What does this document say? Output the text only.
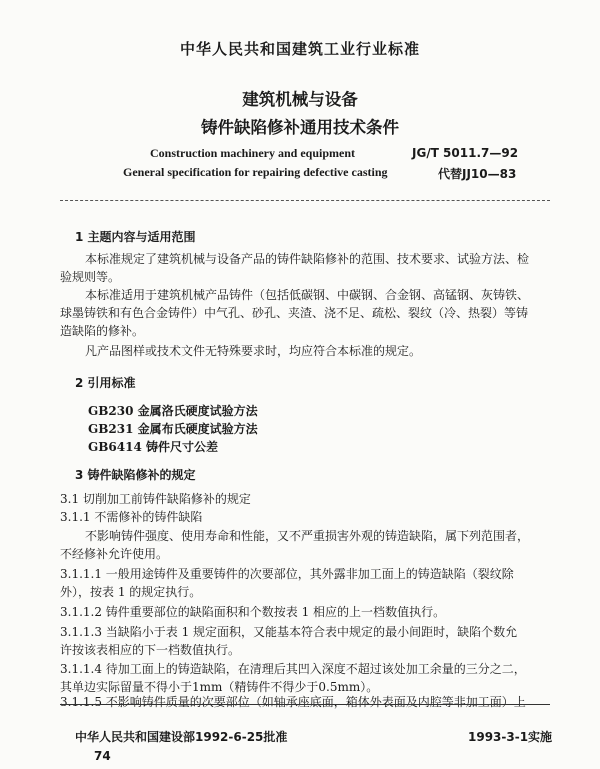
中华人民共和国建筑工业行业标准
建筑机械与设备
铸件缺陷修补通用技术条件
Construction machinery and equipment
General specification for repairing defective casting
JG/T 5011.7—92
代替JJ10—83
1 主题内容与适用范围
本标准规定了建筑机械与设备产品的铸件缺陷修补的范围、技术要求、试验方法、检
验规则等。
本标准适用于建筑机械产品铸件（包括低碳钢、中碳钢、合金钢、高锰钢、灰铸铁、
球墨铸铁和有色合金铸件）中气孔、砂孔、夹渣、浇不足、疏松、裂纹（冷、热裂）等铸
造缺陷的修补。
凡产品图样或技术文件无特殊要求时，均应符合本标准的规定。
2 引用标准
GB230 金属洛氏硬度试验方法
GB231 金属布氏硬度试验方法
GB6414 铸件尺寸公差
3 铸件缺陷修补的规定
3.1 切削加工前铸件缺陷修补的规定
3.1.1 不需修补的铸件缺陷
不影响铸件强度、使用寿命和性能，又不严重损害外观的铸造缺陷，属下列范围者，
不经修补允许使用。
3.1.1.1 一般用途铸件及重要铸件的次要部位，其外露非加工面上的铸造缺陷（裂纹除
外），按表 1 的规定执行。
3.1.1.2 铸件重要部位的缺陷面积和个数按表 1 相应的上一档数值执行。
3.1.1.3 当缺陷小于表 1 规定面积，又能基本符合表中规定的最小间距时，缺陷个数允
许按该表相应的下一档数值执行。
3.1.1.4 待加工面上的铸造缺陷，在清理后其凹入深度不超过该处加工余量的三分之二，
其单边实际留量不得小于1mm（精铸件不得少于0.5mm）。
3.1.1.5 不影响铸件质量的次要部位（如轴承座底面，箱体外表面及内腔等非加工面）上
中华人民共和国建设部1992-6-25批准	1993-3-1实施
74
